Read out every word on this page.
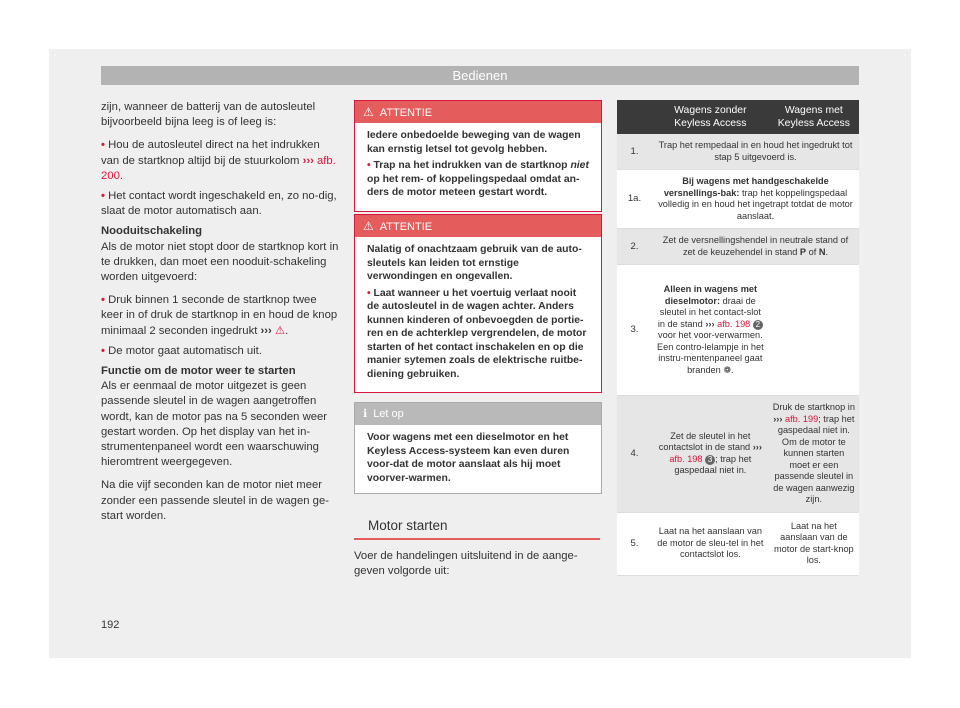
Bedienen

zijn, wanneer de batterij van de autosleutel bijvoorbeeld bijna leeg is of leeg is:

• Hou de autosleutel direct na het indrukken van de startknop altijd bij de stuurkolom ››› afb. 200.

• Het contact wordt ingeschakeld en, zo no-dig, slaat de motor automatisch aan.

Nooduitschakeling

Als de motor niet stopt door de startknop kort in te drukken, dan moet een nooduit-schakeling worden uitgevoerd:

• Druk binnen 1 seconde de startknop twee keer in of druk de startknop in en houd de knop minimaal 2 seconden ingedrukt ››› ⚠.

• De motor gaat automatisch uit.

Functie om de motor weer te starten

Als er eenmaal de motor uitgezet is geen passende sleutel in de wagen aangetroffen wordt, kan de motor pas na 5 seconden weer gestart worden. Op het display van het in-strumentenpaneel wordt een waarschuwing hieromtrent weergegeven.

Na die vijf seconden kan de motor niet meer zonder een passende sleutel in de wagen ge-start worden.

⚠ ATTENTIE

Iedere onbedoelde beweging van de wagen kan ernstig letsel tot gevolg hebben.

• Trap na het indrukken van de startknop niet op het rem- of koppelingspedaal omdat an-ders de motor meteen gestart wordt.

⚠ ATTENTIE

Nalatig of onachtzaam gebruik van de auto-sleutels kan leiden tot ernstige verwondingen en ongevallen.

• Laat wanneer u het voertuig verlaat nooit de autosleutel in de wagen achter. Anders kunnen kinderen of onbevoegden de portie-ren en de achterklep vergrendelen, de motor starten of het contact inschakelen en op die manier sytemen zoals de elektrische ruitbe-diening gebruiken.

ℹ Let op
Voor wagens met een dieselmotor en het Keyless Access-systeem kan even duren voor-dat de motor aanslaat als hij moet voorver-warmen.
Motor starten
Voer de handelingen uitsluitend in de aange-geven volgorde uit:
	Wagens zonder Keyless Access	Wagens met Keyless Access
1.	Trap het rempedaal in en houd het ingedrukt tot stap 5 uitgevoerd is.	
1a.	Bij wagens met handgeschakelde versnellings-bak: trap het koppelingspedaal volledig in en houd het ingetrapt totdat de motor aanslaat.	
2.	Zet de versnellingshendel in neutrale stand of zet de keuzehendel in stand P of N.	
3.	Alleen in wagens met dieselmotor: draai de sleutel in het contact-slot in de stand ››› afb. 198 2 voor het voor-verwarmen. Een contro-lelampje in het instru-mentenpaneel gaat branden ❁.	
4.	Zet de sleutel in het contactslot in de stand ››› afb. 198 3 ; trap het gaspedaal niet in.	Druk de startknop in ››› afb. 199; trap het gaspedaal niet in. Om de motor te kunnen starten moet er een passende sleutel in de wagen aanwezig zijn.
5.	Laat na het aanslaan van de motor de sleu-tel in het contactslot los.	Laat na het aanslaan van de motor de start-knop los.
192
